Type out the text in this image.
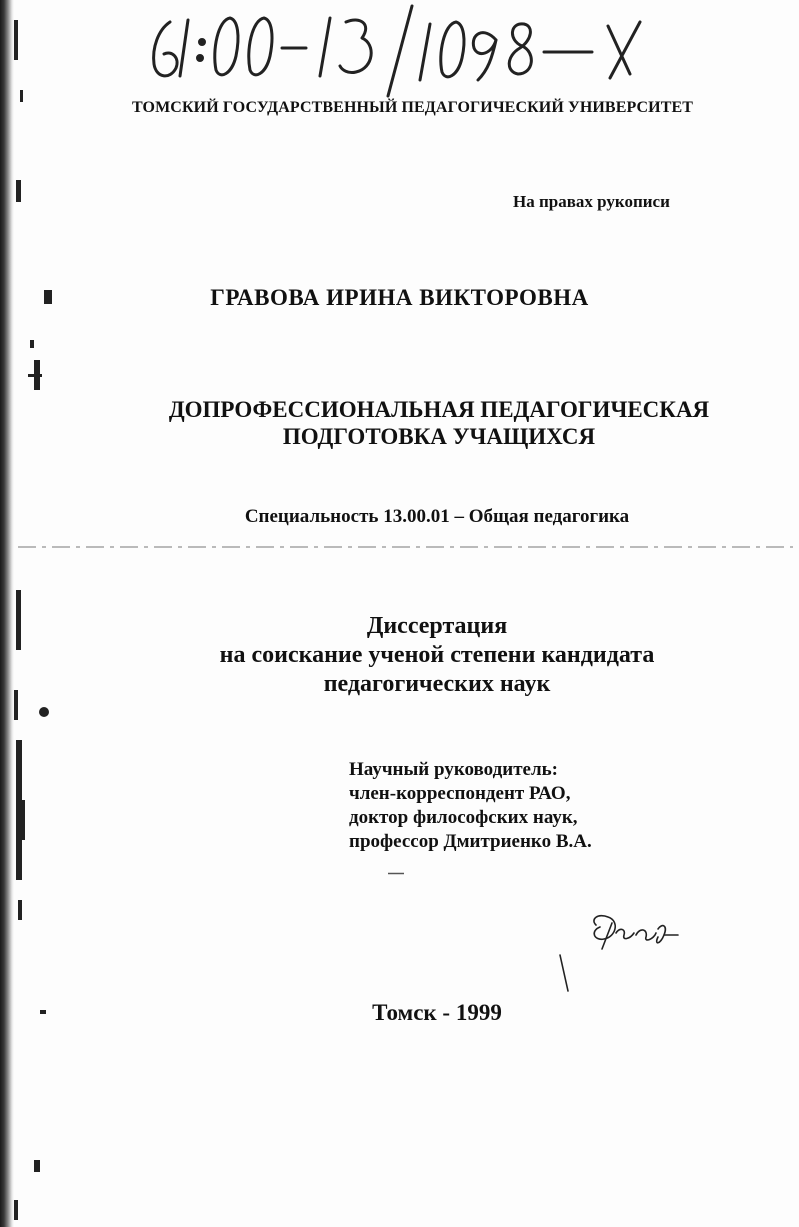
ТОМСКИЙ ГОСУДАРСТВЕННЫЙ ПЕДАГОГИЧЕСКИЙ УНИВЕРСИТЕТ
На правах рукописи
ГРАВОВА ИРИНА ВИКТОРОВНА
ДОПРОФЕССИОНАЛЬНАЯ ПЕДАГОГИЧЕСКАЯ
ПОДГОТОВКА УЧАЩИХСЯ
Специальность 13.00.01 – Общая педагогика
Диссертация
на соискание ученой степени кандидата
педагогических наук
Научный руководитель:
член-корреспондент РАО,
доктор философских наук,
профессор Дмитриенко В.А.
Томск - 1999
